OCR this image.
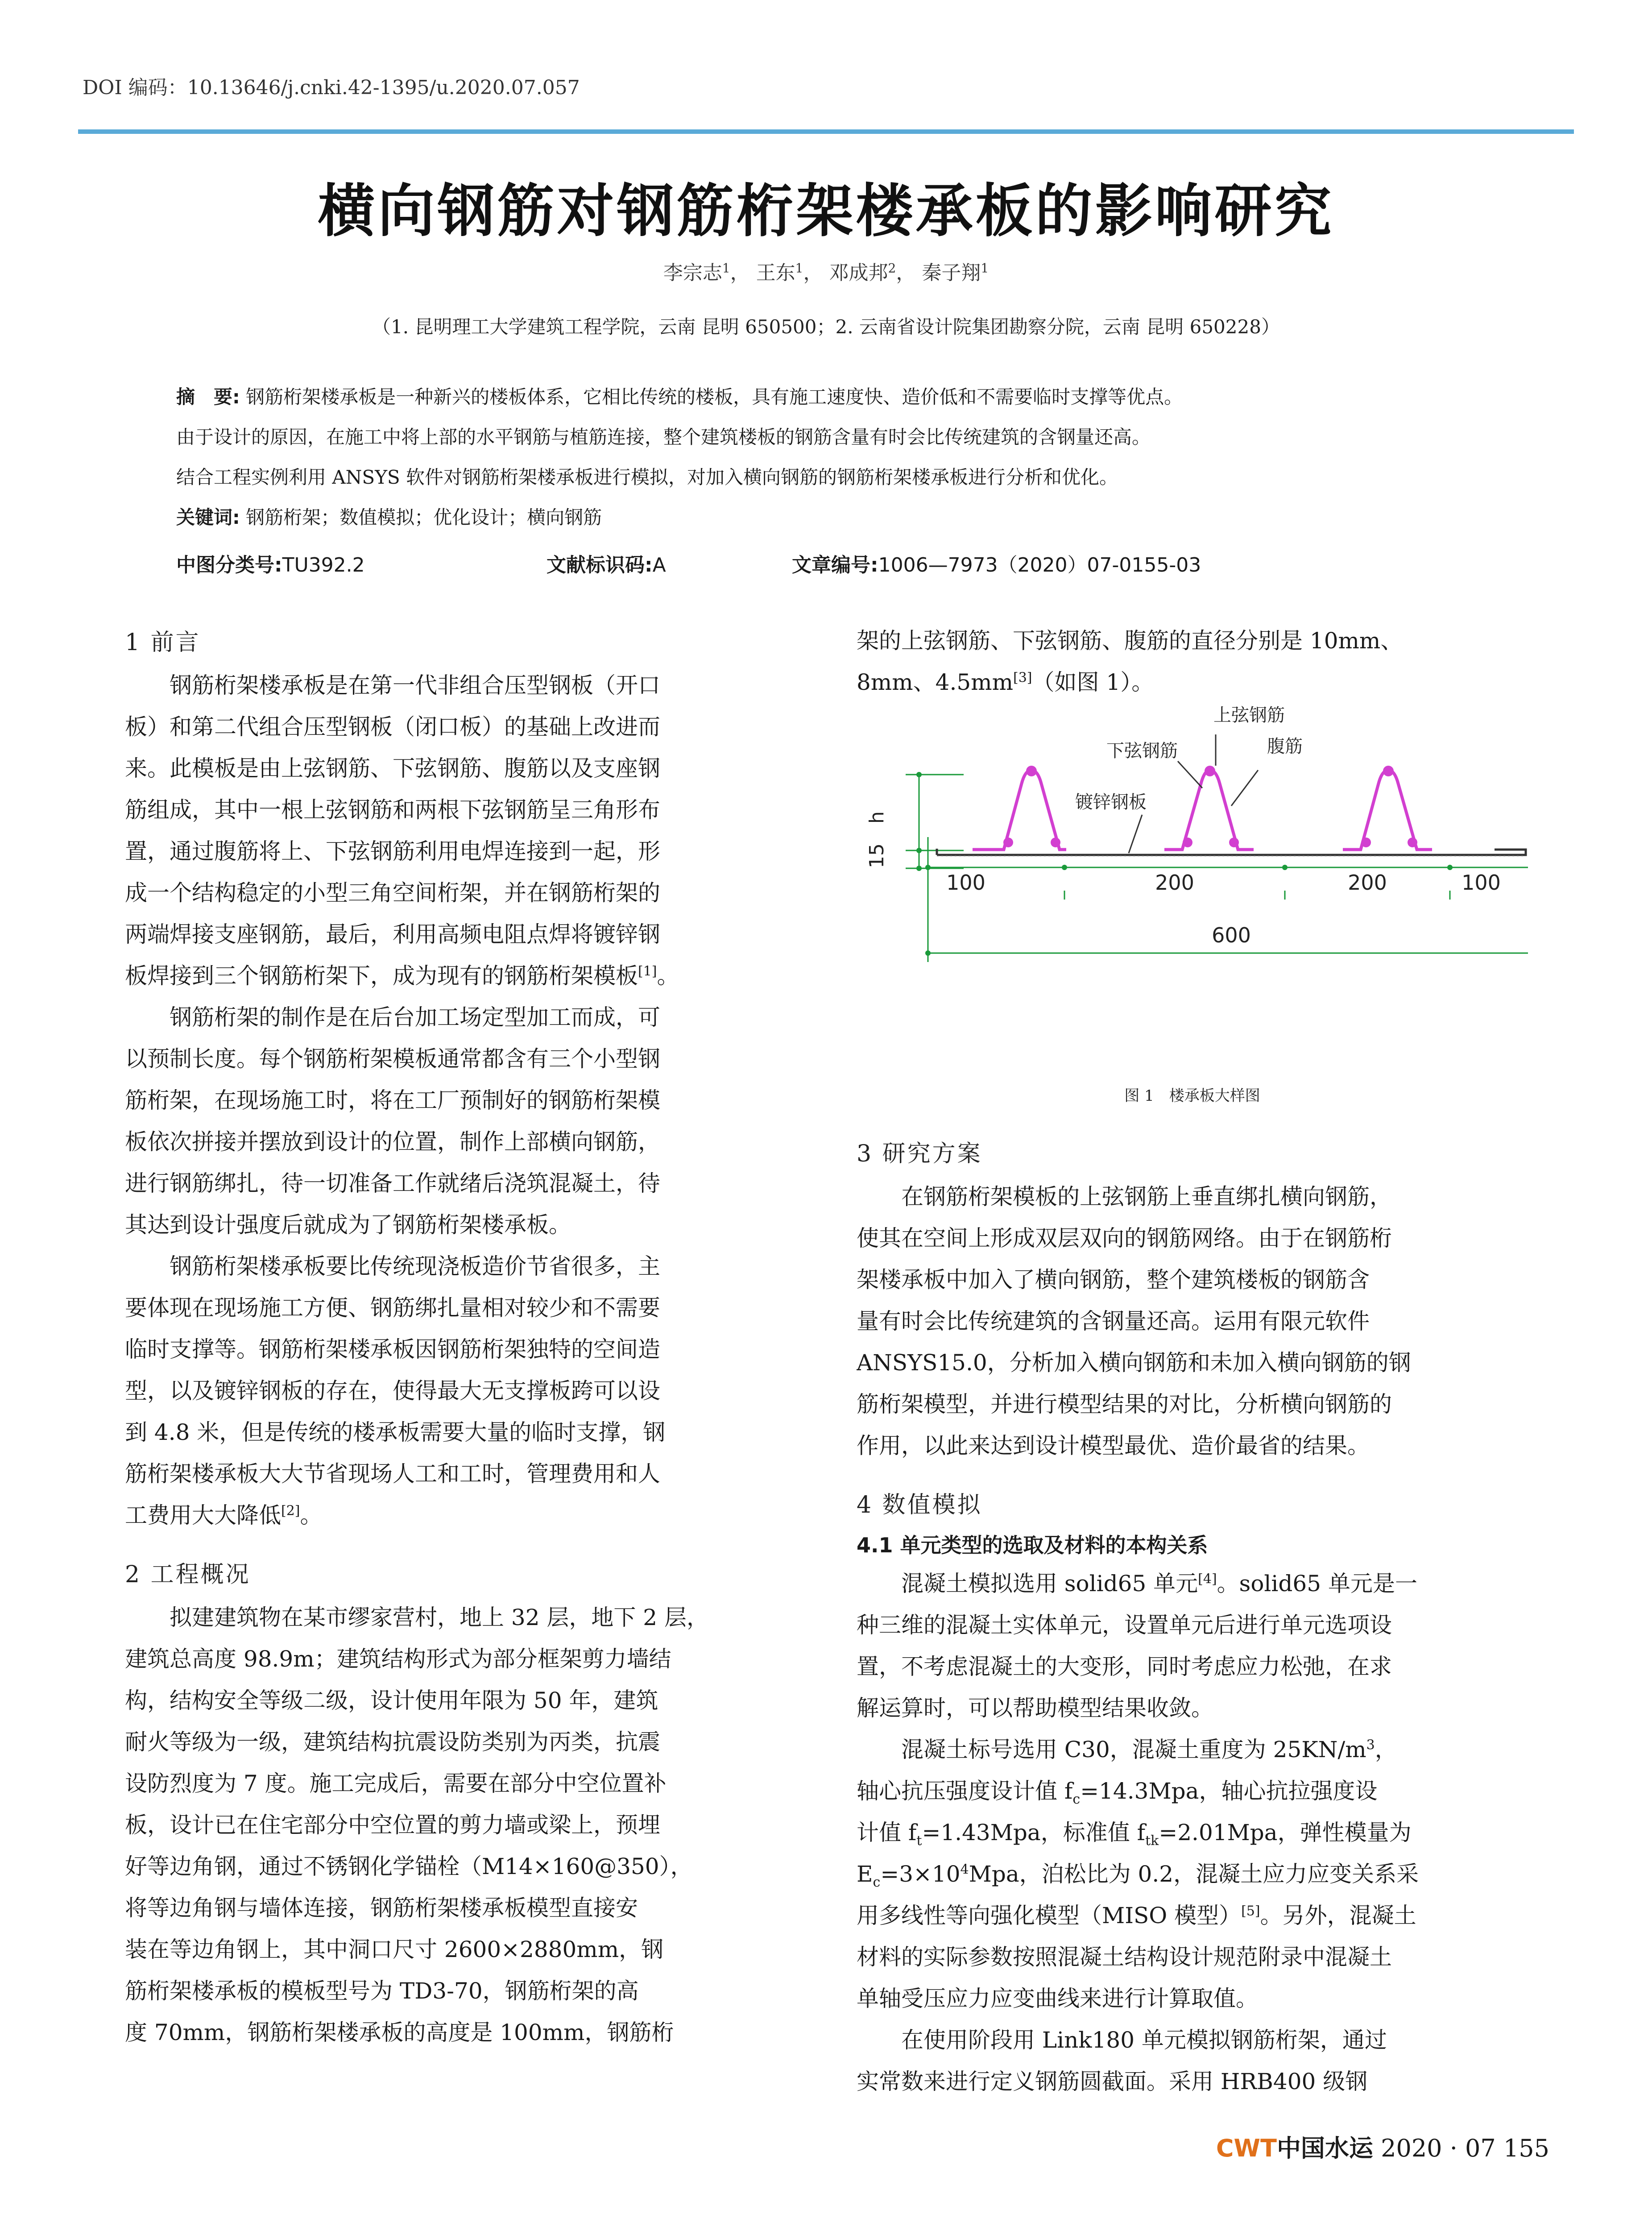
DOI 编码：10.13646/j.cnki.42-1395/u.2020.07.057
横向钢筋对钢筋桁架楼承板的影响研究
李宗志$^1$， 王东$^1$， 邓成邦$^2$， 秦子翔$^1$
（1. 昆明理工大学建筑工程学院，云南 昆明 650500；2. 云南省设计院集团勘察分院，云南 昆明 650228）
摘　要: 钢筋桁架楼承板是一种新兴的楼板体系，它相比传统的楼板，具有施工速度快、造价低和不需要临时支撑等优点。
由于设计的原因，在施工中将上部的水平钢筋与植筋连接，整个建筑楼板的钢筋含量有时会比传统建筑的含钢量还高。
结合工程实例利用 ANSYS 软件对钢筋桁架楼承板进行模拟，对加入横向钢筋的钢筋桁架楼承板进行分析和优化。
关键词: 钢筋桁架；数值模拟；优化设计；横向钢筋
中图分类号:TU392.2	文献标识码:A	文章编号:1006—7973（2020）07-0155-03
1 前言
钢筋桁架楼承板是在第一代非组合压型钢板（开口
板）和第二代组合压型钢板（闭口板）的基础上改进而
来。此模板是由上弦钢筋、下弦钢筋、腹筋以及支座钢
筋组成，其中一根上弦钢筋和两根下弦钢筋呈三角形布
置，通过腹筋将上、下弦钢筋利用电焊连接到一起，形
成一个结构稳定的小型三角空间桁架，并在钢筋桁架的
两端焊接支座钢筋，最后，利用高频电阻点焊将镀锌钢
板焊接到三个钢筋桁架下，成为现有的钢筋桁架模板[1]。
钢筋桁架的制作是在后台加工场定型加工而成，可
以预制长度。每个钢筋桁架模板通常都含有三个小型钢
筋桁架，在现场施工时，将在工厂预制好的钢筋桁架模
板依次拼接并摆放到设计的位置，制作上部横向钢筋，
进行钢筋绑扎，待一切准备工作就绪后浇筑混凝土，待
其达到设计强度后就成为了钢筋桁架楼承板。
钢筋桁架楼承板要比传统现浇板造价节省很多，主
要体现在现场施工方便、钢筋绑扎量相对较少和不需要
临时支撑等。钢筋桁架楼承板因钢筋桁架独特的空间造
型，以及镀锌钢板的存在，使得最大无支撑板跨可以设
到 4.8 米，但是传统的楼承板需要大量的临时支撑，钢
筋桁架楼承板大大节省现场人工和工时，管理费用和人
工费用大大降低[2]。
2 工程概况
拟建建筑物在某市缪家营村，地上 32 层，地下 2 层，
建筑总高度 98.9m；建筑结构形式为部分框架剪力墙结
构，结构安全等级二级，设计使用年限为 50 年，建筑
耐火等级为一级，建筑结构抗震设防类别为丙类，抗震
设防烈度为 7 度。施工完成后，需要在部分中空位置补
板，设计已在住宅部分中空位置的剪力墙或梁上，预埋
好等边角钢，通过不锈钢化学锚栓（M14×160@350），
将等边角钢与墙体连接，钢筋桁架楼承板模型直接安
装在等边角钢上，其中洞口尺寸 2600×2880mm，钢
筋桁架楼承板的模板型号为 TD3-70，钢筋桁架的高
度 70mm，钢筋桁架楼承板的高度是 100mm，钢筋桁
架的上弦钢筋、下弦钢筋、腹筋的直径分别是 10mm、
8mm、4.5mm[3]（如图 1）。
上弦钢筋
下弦钢筋	腹筋
镀锌钢板
h
15
100	200	200	100
600
图 1　楼承板大样图
3 研究方案
在钢筋桁架模板的上弦钢筋上垂直绑扎横向钢筋，
使其在空间上形成双层双向的钢筋网络。由于在钢筋桁
架楼承板中加入了横向钢筋，整个建筑楼板的钢筋含
量有时会比传统建筑的含钢量还高。运用有限元软件
ANSYS15.0，分析加入横向钢筋和未加入横向钢筋的钢
筋桁架模型，并进行模型结果的对比，分析横向钢筋的
作用，以此来达到设计模型最优、造价最省的结果。
4 数值模拟
4.1 单元类型的选取及材料的本构关系
混凝土模拟选用 solid65 单元[4]。solid65 单元是一
种三维的混凝土实体单元，设置单元后进行单元选项设
置，不考虑混凝土的大变形，同时考虑应力松弛，在求
解运算时，可以帮助模型结果收敛。
混凝土标号选用 C30，混凝土重度为 $25KN/m^3$，
轴心抗压强度设计值 $f_c=14.3Mpa$，轴心抗拉强度设
计值 $f_t=1.43Mpa$，标准值 $f_{tk}=2.01Mpa$，弹性模量为
$E_c=3\times 10^4Mpa$，泊松比为 0.2，混凝土应力应变关系采
用多线性等向强化模型（MISO 模型）[5]。另外，混凝土
材料的实际参数按照混凝土结构设计规范附录中混凝土
单轴受压应力应变曲线来进行计算取值。
在使用阶段用 Link180 单元模拟钢筋桁架，通过
实常数来进行定义钢筋圆截面。采用 HRB400 级钢
CWT中国水运 2020 · 07 155
